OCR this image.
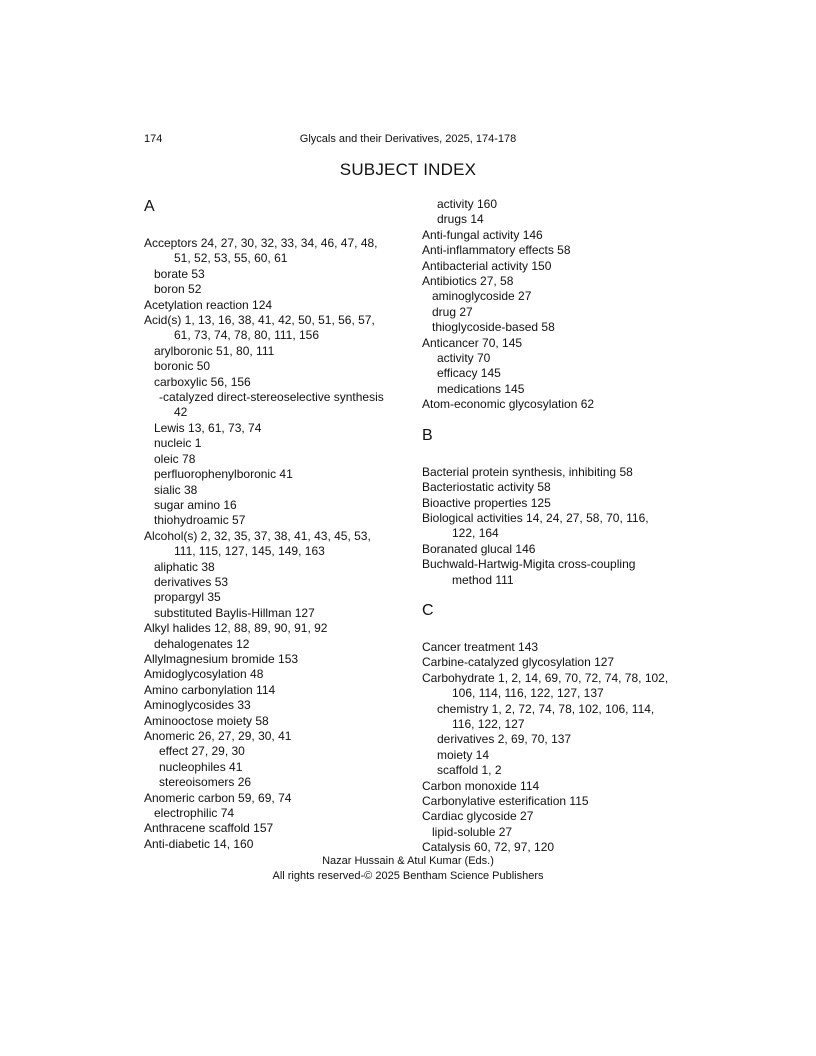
174	Glycals and their Derivatives, 2025, 174-178
SUBJECT INDEX
A
Acceptors 24, 27, 30, 32, 33, 34, 46, 47, 48,
51, 52, 53, 55, 60, 61
borate 53
boron 52
Acetylation reaction 124
Acid(s) 1, 13, 16, 38, 41, 42, 50, 51, 56, 57,
61, 73, 74, 78, 80, 111, 156
arylboronic 51, 80, 111
boronic 50
carboxylic 56, 156
-catalyzed direct-stereoselective synthesis
42
Lewis 13, 61, 73, 74
nucleic 1
oleic 78
perfluorophenylboronic 41
sialic 38
sugar amino 16
thiohydroamic 57
Alcohol(s) 2, 32, 35, 37, 38, 41, 43, 45, 53,
111, 115, 127, 145, 149, 163
aliphatic 38
derivatives 53
propargyl 35
substituted Baylis-Hillman 127
Alkyl halides 12, 88, 89, 90, 91, 92
dehalogenates 12
Allylmagnesium bromide 153
Amidoglycosylation 48
Amino carbonylation 114
Aminoglycosides 33
Aminooctose moiety 58
Anomeric 26, 27, 29, 30, 41
effect 27, 29, 30
nucleophiles 41
stereoisomers 26
Anomeric carbon 59, 69, 74
electrophilic 74
Anthracene scaffold 157
Anti-diabetic 14, 160
activity 160
drugs 14
Anti-fungal activity 146
Anti-inflammatory effects 58
Antibacterial activity 150
Antibiotics 27, 58
aminoglycoside 27
drug 27
thioglycoside-based 58
Anticancer 70, 145
activity 70
efficacy 145
medications 145
Atom-economic glycosylation 62
B
Bacterial protein synthesis, inhibiting 58
Bacteriostatic activity 58
Bioactive properties 125
Biological activities 14, 24, 27, 58, 70, 116,
122, 164
Boranated glucal 146
Buchwald-Hartwig-Migita cross-coupling
method 111
C
Cancer treatment 143
Carbine-catalyzed glycosylation 127
Carbohydrate 1, 2, 14, 69, 70, 72, 74, 78, 102,
106, 114, 116, 122, 127, 137
chemistry 1, 2, 72, 74, 78, 102, 106, 114,
116, 122, 127
derivatives 2, 69, 70, 137
moiety 14
scaffold 1, 2
Carbon monoxide 114
Carbonylative esterification 115
Cardiac glycoside 27
lipid-soluble 27
Catalysis 60, 72, 97, 120
Nazar Hussain & Atul Kumar (Eds.)
All rights reserved-© 2025 Bentham Science Publishers
